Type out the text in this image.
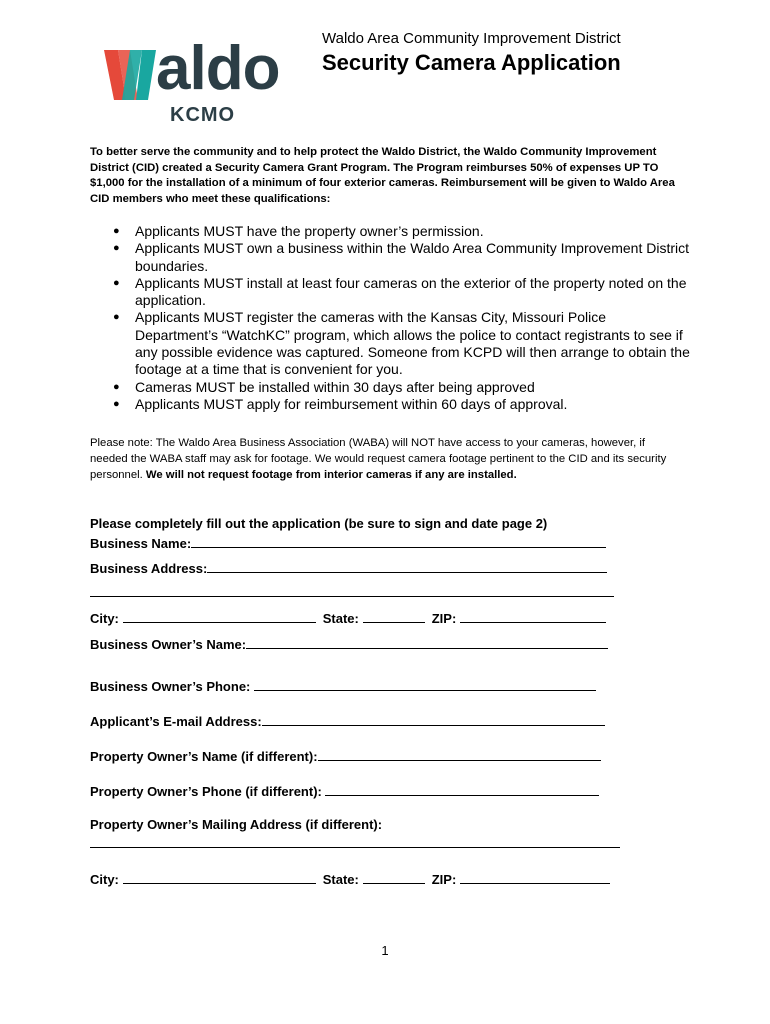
aldo
KCMO
Waldo Area Community Improvement District
Security Camera Application

To better serve the community and to help protect the Waldo District, the Waldo Community Improvement District (CID) created a Security Camera Grant Program. The Program reimburses 50% of expenses UP TO $1,000 for the installation of a minimum of four exterior cameras. Reimbursement will be given to Waldo Area CID members who meet these qualifications:

● Applicants MUST have the property owner’s permission.
● Applicants MUST own a business within the Waldo Area Community Improvement District boundaries.
● Applicants MUST install at least four cameras on the exterior of the property noted on the application.
● Applicants MUST register the cameras with the Kansas City, Missouri Police Department’s “WatchKC” program, which allows the police to contact registrants to see if any possible evidence was captured. Someone from KCPD will then arrange to obtain the footage at a time that is convenient for you.
● Cameras MUST be installed within 30 days after being approved
● Applicants MUST apply for reimbursement within 60 days of approval.

Please note: The Waldo Area Business Association (WABA) will NOT have access to your cameras, however, if needed the WABA staff may ask for footage. We would request camera footage pertinent to the CID and its security personnel. We will not request footage from interior cameras if any are installed.

Please completely fill out the application (be sure to sign and date page 2)

Business Name:
Business Address:
City:	State:	ZIP:
Business Owner’s Name:
Business Owner’s Phone:
Applicant’s E-mail Address:
Property Owner’s Name (if different):
Property Owner’s Phone (if different):
Property Owner’s Mailing Address (if different):
City:	State:	ZIP:
1
